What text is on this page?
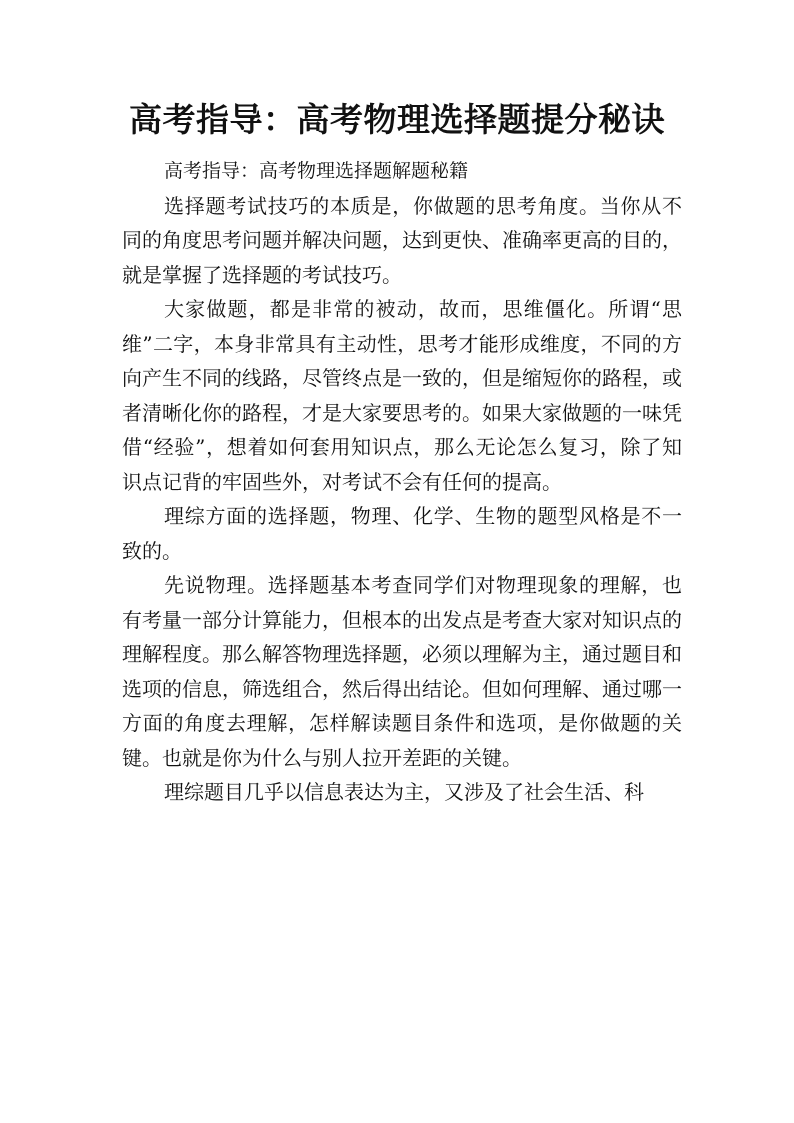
高考指导：高考物理选择题提分秘诀

高考指导：高考物理选择题解题秘籍

选择题考试技巧的本质是，你做题的思考角度。当你从不同的角度思考问题并解决问题，达到更快、准确率更高的目的，就是掌握了选择题的考试技巧。

大家做题，都是非常的被动，故而，思维僵化。所谓“思维”二字，本身非常具有主动性，思考才能形成维度，不同的方向产生不同的线路，尽管终点是一致的，但是缩短你的路程，或者清晰化你的路程，才是大家要思考的。如果大家做题的一味凭借“经验”，想着如何套用知识点，那么无论怎么复习，除了知识点记背的牢固些外，对考试不会有任何的提高。

理综方面的选择题，物理、化学、生物的题型风格是不一致的。

先说物理。选择题基本考查同学们对物理现象的理解，也有考量一部分计算能力，但根本的出发点是考查大家对知识点的理解程度。那么解答物理选择题，必须以理解为主，通过题目和选项的信息，筛选组合，然后得出结论。但如何理解、通过哪一方面的角度去理解，怎样解读题目条件和选项，是你做题的关键。也就是你为什么与别人拉开差距的关键。

理综题目几乎以信息表达为主，又涉及了社会生活、科
